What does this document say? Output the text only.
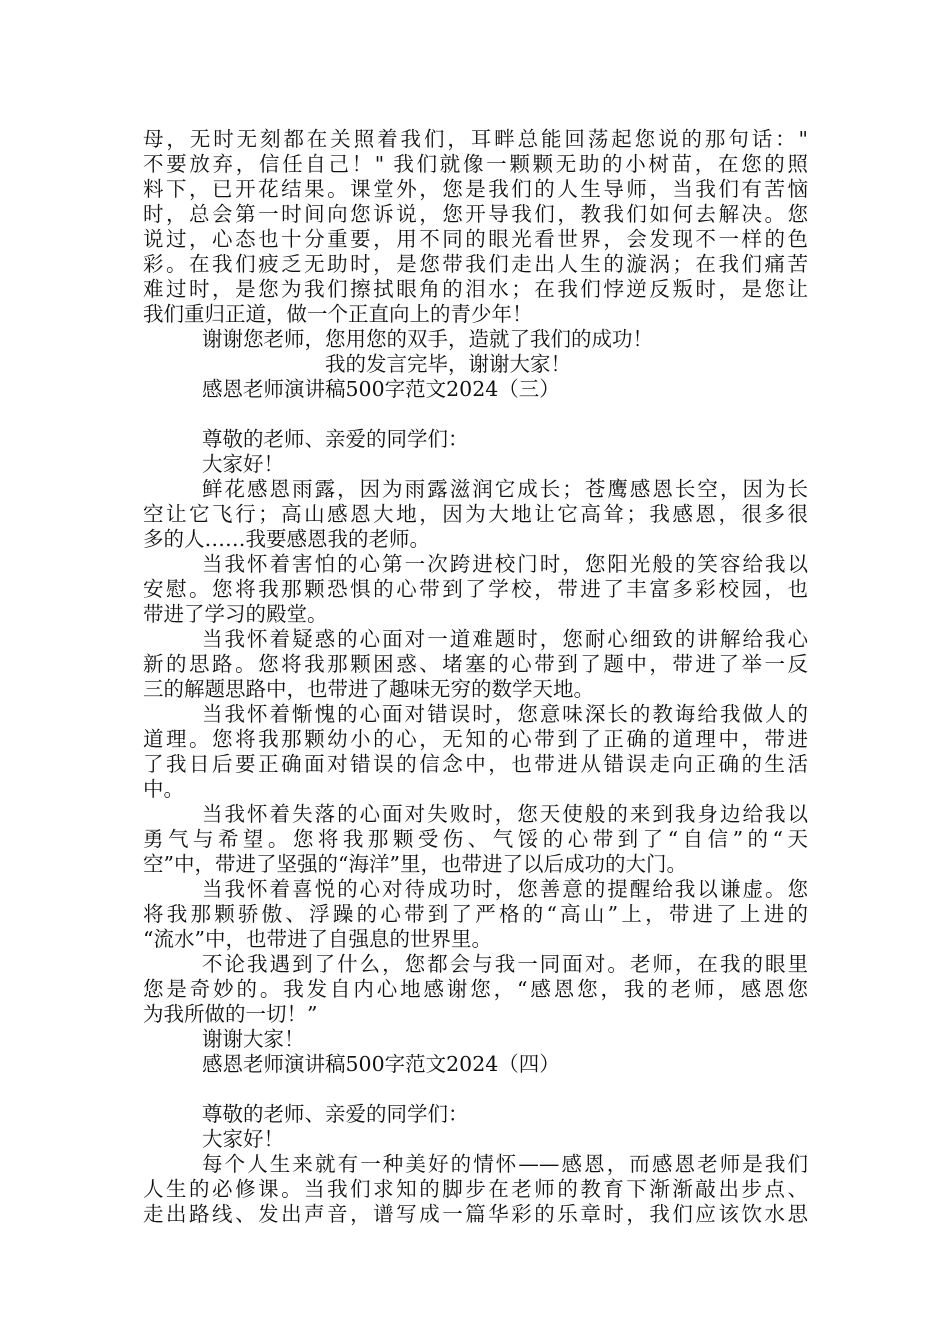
母，无时无刻都在关照着我们，耳畔总能回荡起您说的那句话："
不要放弃，信任自己！" 我们就像一颗颗无助的小树苗，在您的照
料下，已开花结果。课堂外，您是我们的人生导师，当我们有苦恼
时，总会第一时间向您诉说，您开导我们，教我们如何去解决。您
说过，心态也十分重要，用不同的眼光看世界，会发现不一样的色
彩。在我们疲乏无助时，是您带我们走出人生的漩涡；在我们痛苦
难过时，是您为我们擦拭眼角的泪水；在我们悖逆反叛时，是您让
我们重归正道，做一个正直向上的青少年！
谢谢您老师，您用您的双手，造就了我们的成功！
我的发言完毕，谢谢大家！
感恩老师演讲稿500字范文2024（三）
尊敬的老师、亲爱的同学们：
大家好！
鲜花感恩雨露，因为雨露滋润它成长；苍鹰感恩长空，因为长
空让它飞行；高山感恩大地，因为大地让它高耸；我感恩，很多很
多的人……我要感恩我的老师。
当我怀着害怕的心第一次跨进校门时，您阳光般的笑容给我以
安慰。您将我那颗恐惧的心带到了学校，带进了丰富多彩校园，也
带进了学习的殿堂。
当我怀着疑惑的心面对一道难题时，您耐心细致的讲解给我心
新的思路。您将我那颗困惑、堵塞的心带到了题中，带进了举一反
三的解题思路中，也带进了趣味无穷的数学天地。
当我怀着惭愧的心面对错误时，您意味深长的教诲给我做人的
道理。您将我那颗幼小的心，无知的心带到了正确的道理中，带进
了我日后要正确面对错误的信念中，也带进从错误走向正确的生活
中。
当我怀着失落的心面对失败时，您天使般的来到我身边给我以
勇气与希望。您将我那颗受伤、气馁的心带到了“自信”的“天
空”中，带进了坚强的“海洋”里，也带进了以后成功的大门。
当我怀着喜悦的心对待成功时，您善意的提醒给我以谦虚。您
将我那颗骄傲、浮躁的心带到了严格的“高山”上，带进了上进的
“流水”中，也带进了自强息的世界里。
不论我遇到了什么，您都会与我一同面对。老师，在我的眼里
您是奇妙的。我发自内心地感谢您，“感恩您，我的老师，感恩您
为我所做的一切！”
谢谢大家！
感恩老师演讲稿500字范文2024（四）
尊敬的老师、亲爱的同学们：
大家好！
每个人生来就有一种美好的情怀——感恩，而感恩老师是我们
人生的必修课。当我们求知的脚步在老师的教育下渐渐敲出步点、
走出路线、发出声音，谱写成一篇华彩的乐章时，我们应该饮水思
